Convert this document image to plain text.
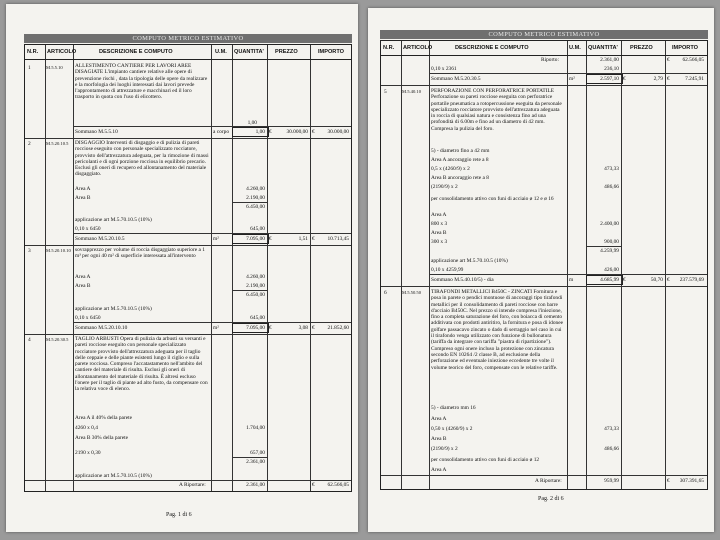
COMPUTO METRICO ESTIMATIVO
N.R. ARTICOLO	DESCRIZIONE E COMPUTO	U.M. QUANTITA' PREZZO	IMPORTO
1	M.5.5.10 ALLESTIMENTO CANTIERE PER LAVORI AREE DISAGIATE L'impianto cantiere relative alle opere di prevenzione rischi , data la tipologia delle opere da realizzare e la morfologia dei luoghi interessati dai lavori prevede l'approntamento di attrezzature e macchinari ed il loro trasporto in quota con l'uso di elicottero.
1,00
Sommano M.5.5.10	a corpo	1,00 €	30.000,00 €	30.000,00
2	M.5.20.10.5 DISGAGGIO Interventi di disgaggio e di pulizia di pareti rocciose eseguito con personale specializzato rocciatore, provvisto dell'attrezzatura adeguata, per la rimozione di massi pericolanti e di ogni porzione rocciosa in equilibrio precario. Esclusi gli oneri di recupero ed allontanamento del materiale disgaggiato.
Area A	4.260,00
Area B	2.190,00
6.450,00
applicazione art M.5.70.10.5 (10%)
0,10 x 6450	645,00
Sommano M.5.20.10.5	m²	7.095,00 €	1,51 €	10.713,45
3	M.5.20.10.10 sovrapprezzo per volume di roccia disgaggiato superiore a 1 m³ per ogni 40 m² di superficie interessata all'intervento
Area A	4.260,00
Area B	2.190,00
6.450,00
applicazione art M.5.70.10.5 (10%)
0,10 x 6450	645,00
Sommano M.5.20.10.10	m²	7.095,00 €	3,08 €	21.852,60
4	M.5.20.30.5 TAGLIO ARBUSTI Opera di pulizia da arbusti su versanti e pareti rocciose eseguito con personale specializzato rocciatore provvisto dell'attrezzatura adeguata per il taglio delle ceppaie e delle piante esistenti lungo il ciglio e sulla parete rocciosa. Compreso l'accatastamento nell'ambito del cantiere del materiale di risulta. Esclusi gli oneri di allontanamento del materiale di risulta. È altresì escluso l'onere per il taglio di piante ad alto fusto, da compensare con la relativa voce di elenco.
Area A il 40% della parete
4260 x 0,4	1.704,00
Area B 30% della parete
2190 x 0,30	657,00
2.361,00
applicazione art M.5.70.10.5 (10%)
A Riportare:	2.361,00	€	62.566,05
Pag. 1 di 6
COMPUTO METRICO ESTIMATIVO
N.R. ARTICOLO	DESCRIZIONE E COMPUTO	U.M. QUANTITA' PREZZO	IMPORTO
Riporto:	2.361,00	€	62.566,05
0,10 x 2361	236,10
Sommano M.5.20.30.5	m²	2.597,10 €	2,79 €	7.245,91
5	M.5.40.10 PERFORAZIONE CON PERFORATRICE PORTATILE Perforazione su pareti rocciose eseguita con perforatrice portatile pneumatica a rotopercussione eseguita da personale specializzato rocciatore provvisto dell'attrezzatura adeguata in roccia di qualsiasi natura e consistenza fino ad una profondità di 6.00m e fino ad un diametro di 42 mm. Compresa la pulizia del foro.
5) - diametro fino a 42 mm
Area A ancoraggio rete a 8
0,5 x (4260/9) x 2	473,33
Area B ancoraggio rete a 8
(2190/9) x 2	486,66
per consolidamento attivo con funi di acciaio ø 12 e ø 16
Area A
800 x 3	2.400,00
Area B
300 x 3	900,00
4.259,99
applicazione art M.5.70.10.5 (10%)
0,10 x 4259,99	426,00
Sommano M.5.40.10/5) - dia	m	4.685,99 €	50,70 €	237.579,69
6	M.5.50.50 TIRAFONDI METALLICI B450C - ZINCATI Fornitura e posa in parete o pendici montuose di ancoraggi tipo tirafondi metallici per il consolidamento di pareti rocciose con barre d'acciaio B450C. Nel prezzo si intende compresa l'iniezione, fino a completa saturazione del foro, con boiacca di cemento additivata con prodotti antiritiro, la fornitura e posa di idonee golfare passacavo zincato o dado di serraggio nel caso in cui il tirafondo venga utilizzato con funzione di bullonatura (tariffa da integrare con tariffa "piastra di ripartizione"). Compreso ogni onere incluso la protezione con zincatura secondo EN 10264 /2 classe B, ad esclusione della perforazione ed eventuale iniezione eccedente tre volte il volume teorico del foro, compensate con le relative tariffe.
5) - diametro mm 16
Area A
0,50 x (4260/9) x 2	473,33
Area B
(2190/9) x 2	486,66
per consolidamento attivo con funi di acciaio ø 12
Area A
A Riportare:	959,99	€	307.391,65
Pag. 2 di 6
